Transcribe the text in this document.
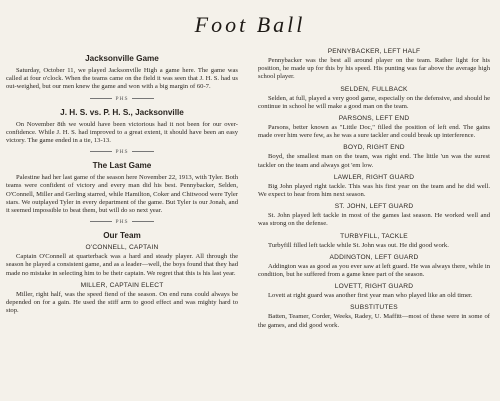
Foot Ball
Jacksonville Game

Saturday, October 11, we played Jacksonville High a game here. The game was called at four o'clock. When the teams came on the field it was seen that J. H. S. had us out-weighed, but our men knew the game and won with a big margin of 60-7.

PHS
J. H. S. vs. P. H. S., Jacksonville

On November 8th we would have been victorious had it not been for our over-confidence. While J. H. S. had improved to a great extent, it should have been an easy victory. The game ended in a tie, 13-13.

PHS
The Last Game

Palestine had her last game of the season here November 22, 1913, with Tyler. Both teams were confident of victory and every man did his best. Pennybacker, Selden, O'Connell, Miller and Gerling starred, while Hamilton, Coker and Chitwood were Tyler stars. We outplayed Tyler in every department of the game. But Tyler is our Jonah, and it seemed impossible to beat them, but will do so next year.

PHS
Our Team
O'CONNELL, CAPTAIN

Captain O'Connell at quarterback was a hard and steady player. All through the season he played a consistent game, and as a leader—well, the boys found that they had made no mistake in selecting him to be their captain. We regret that this is his last year.

MILLER, CAPTAIN ELECT

Miller, right half, was the speed fiend of the season. On end runs could always be depended on for a gain. He used the stiff arm to good effect and was mighty hard to stop.

PENNYBACKER, LEFT HALF

Pennybacker was the best all around player on the team. Rather light for his position, he made up for this by his speed. His punting was far above the average high school player.

SELDEN, FULLBACK

Selden, at full, played a very good game, especially on the defensive, and should he continue in school he will make a good man on the team.

PARSONS, LEFT END

Parsons, better known as "Little Doc," filled the position of left end. The gains made over him were few, as he was a sure tackler and could break up interference.

BOYD, RIGHT END

Boyd, the smallest man on the team, was right end. The little 'un was the surest tackler on the team and always got 'em low.

LAWLER, RIGHT GUARD

Big John played right tackle. This was his first year on the team and he did well. We expect to hear from him next season.

ST. JOHN, LEFT GUARD

St. John played left tackle in most of the games last season. He worked well and was strong on the defense.

TURBYFILL, TACKLE

Turbyfill filled left tackle while St. John was out. He did good work.

ADDINGTON, LEFT GUARD

Addington was as good as you ever saw at left guard. He was always there, while in condition, but he suffered from a game knee part of the season.

LOVETT, RIGHT GUARD

Lovett at right guard was another first year man who played like an old timer.

SUBSTITUTES

Batten, Teamer, Corder, Weeks, Radey, U. Maffitt—most of these were in some of the games, and did good work.
